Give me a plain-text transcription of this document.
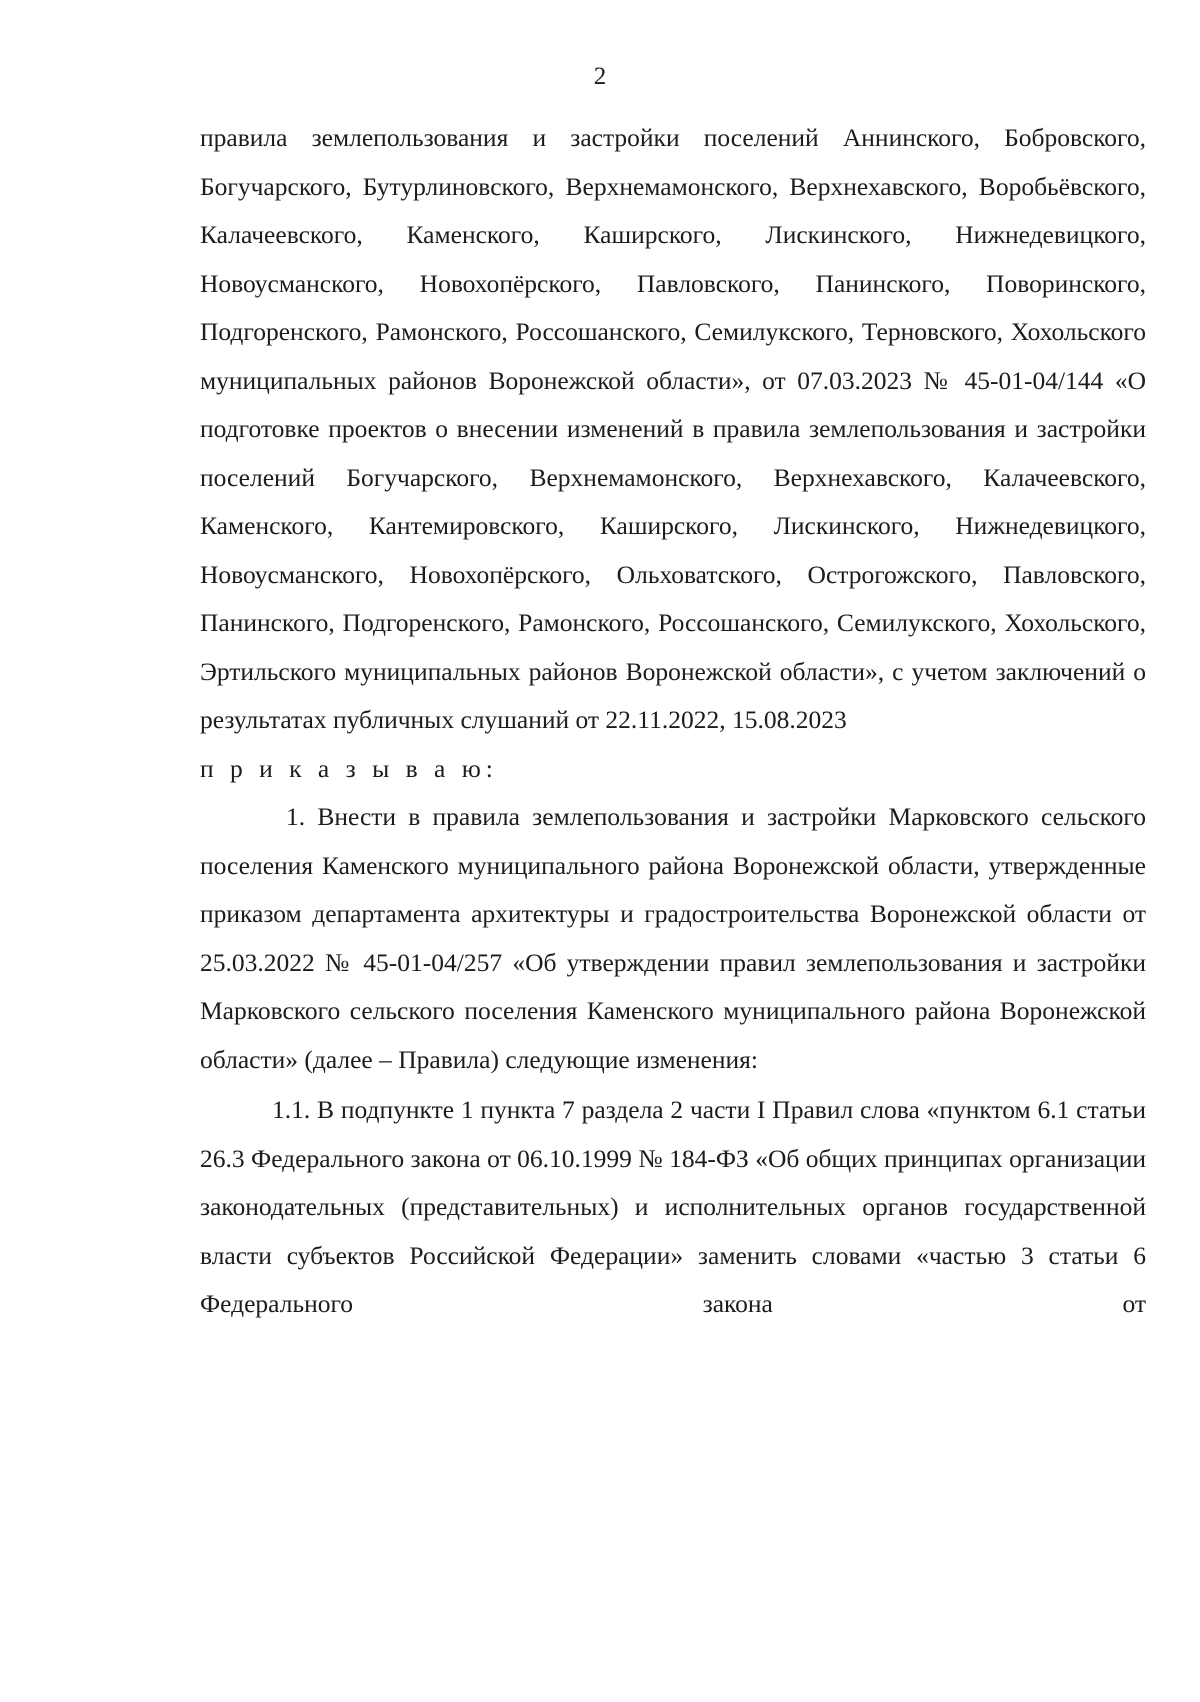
2

правила землепользования и застройки поселений Аннинского, Бобровского, Богучарского, Бутурлиновского, Верхнемамонского, Верхнехавского, Воробьёвского, Калачеевского, Каменского, Каширского, Лискинского, Нижнедевицкого, Новоусманского, Новохопёрского, Павловского, Панинского, Поворинского, Подгоренского, Рамонского, Россошанского, Семилукского, Терновского, Хохольского муниципальных районов Воронежской области», от 07.03.2023 № 45-01-04/144 «О подготовке проектов о внесении изменений в правила землепользования и застройки поселений Богучарского, Верхнемамонского, Верхнехавского, Калачеевского, Каменского, Кантемировского, Каширского, Лискинского, Нижнедевицкого, Новоусманского, Новохопёрского, Ольховатского, Острогожского, Павловского, Панинского, Подгоренского, Рамонского, Россошанского, Семилукского, Хохольского, Эртильского муниципальных районов Воронежской области», с учетом заключений о результатах публичных слушаний от 22.11.2022, 15.08.2023

п р и к а з ы в а ю:

1. Внести в правила землепользования и застройки Марковского сельского поселения Каменского муниципального района Воронежской области, утвержденные приказом департамента архитектуры и градостроительства Воронежской области от 25.03.2022 № 45-01-04/257 «Об утверждении правил землепользования и застройки Марковского сельского поселения Каменского муниципального района Воронежской области» (далее – Правила) следующие изменения:

1.1. В подпункте 1 пункта 7 раздела 2 части I Правил слова «пунктом 6.1 статьи 26.3 Федерального закона от 06.10.1999 № 184-ФЗ «Об общих принципах организации законодательных (представительных) и исполнительных органов государственной власти субъектов Российской Федерации» заменить словами «частью 3 статьи 6 Федерального закона от
